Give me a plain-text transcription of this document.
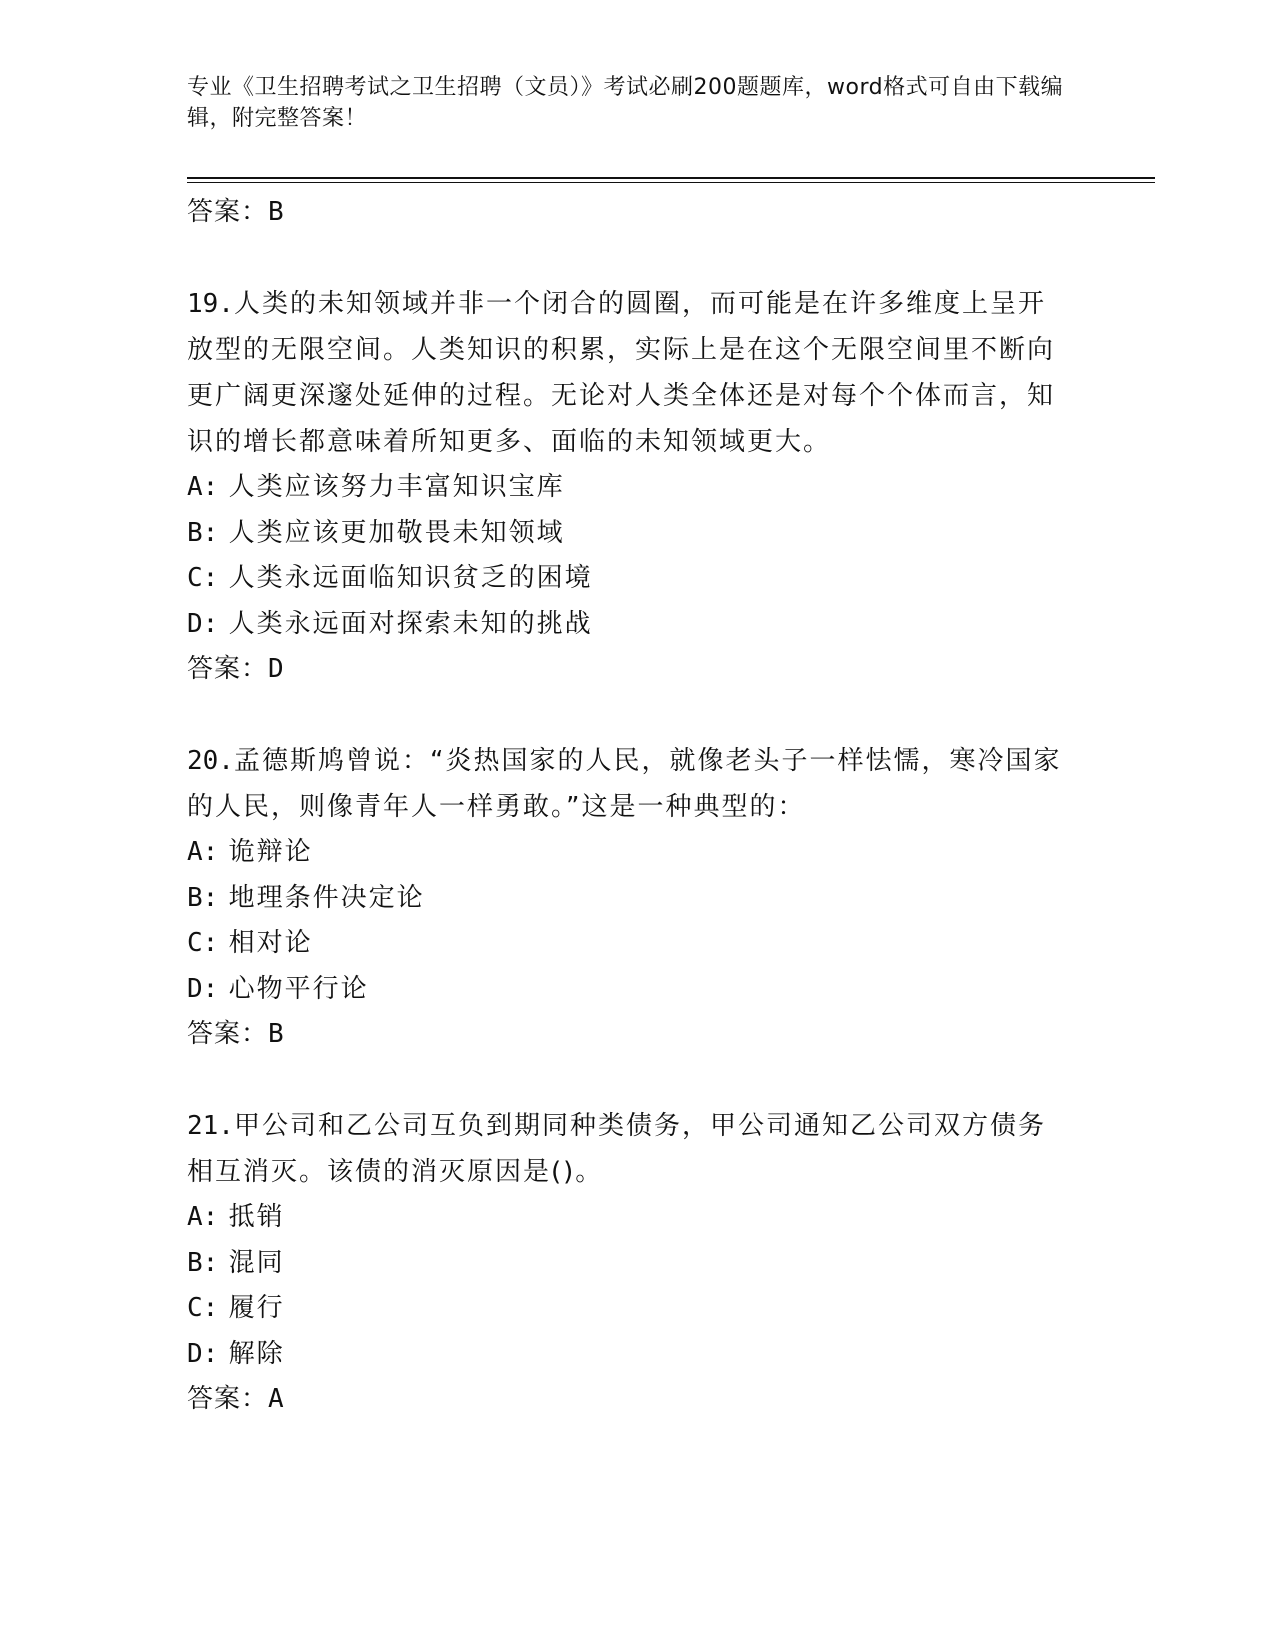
专业《卫生招聘考试之卫生招聘（文员）》考试必刷200题题库，word格式可自由下载编辑，附完整答案！
答案：B

19.人类的未知领域并非一个闭合的圆圈，而可能是在许多维度上呈开放型的无限空间。人类知识的积累，实际上是在这个无限空间里不断向更广阔更深邃处延伸的过程。无论对人类全体还是对每个个体而言，知识的增长都意味着所知更多、面临的未知领域更大。

A: 人类应该努力丰富知识宝库
B: 人类应该更加敬畏未知领域
C: 人类永远面临知识贫乏的困境
D: 人类永远面对探索未知的挑战
答案：D

20.孟德斯鸠曾说：“炎热国家的人民，就像老头子一样怯懦，寒冷国家的人民，则像青年人一样勇敢。”这是一种典型的：

A: 诡辩论
B: 地理条件决定论
C: 相对论
D: 心物平行论
答案：B

21.甲公司和乙公司互负到期同种类债务，甲公司通知乙公司双方债务相互消灭。该债的消灭原因是()。

A: 抵销
B: 混同
C: 履行
D: 解除
答案：A
